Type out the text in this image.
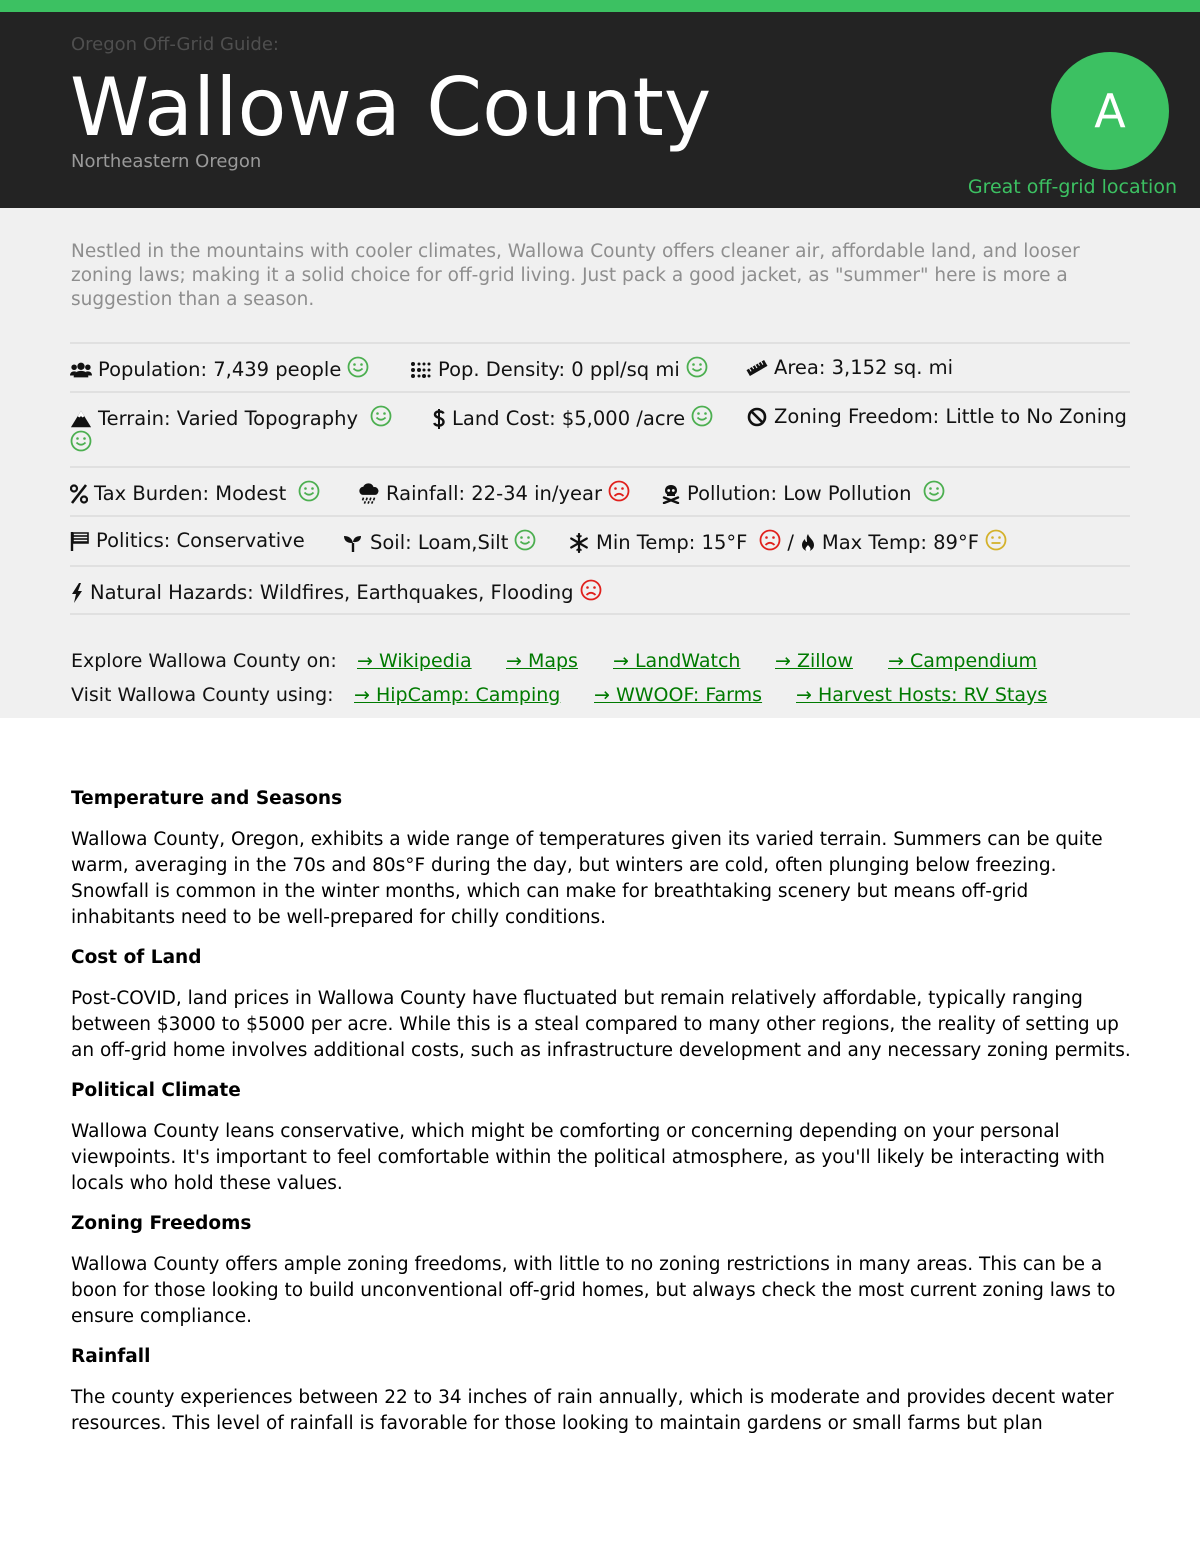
Oregon Off-Grid Guide:
Wallowa County
Northeastern Oregon
A
Great off-grid location

Nestled in the mountains with cooler climates, Wallowa County offers cleaner air, affordable land, and looser zoning laws; making it a solid choice for off-grid living. Just pack a good jacket, as "summer" here is more a suggestion than a season.

Population: 7,439 people	Pop. Density: 0 ppl/sq mi	Area: 3,152 sq. mi
Terrain: Varied Topography	Land Cost: $5,000 /acre	Zoning Freedom: Little to No Zoning
Tax Burden: Modest	Rainfall: 22-34 in/year	Pollution: Low Pollution
Politics: Conservative	Soil: Loam,Silt	Min Temp: 15°F / Max Temp: 89°F
Natural Hazards: Wildfires, Earthquakes, Flooding
Explore Wallowa County on: → Wikipedia → Maps → LandWatch → Zillow → Campendium
Visit Wallowa County using: → HipCamp: Camping → WWOOF: Farms → Harvest Hosts: RV Stays
Temperature and Seasons

Wallowa County, Oregon, exhibits a wide range of temperatures given its varied terrain. Summers can be quite warm, averaging in the 70s and 80s°F during the day, but winters are cold, often plunging below freezing. Snowfall is common in the winter months, which can make for breathtaking scenery but means off-grid inhabitants need to be well-prepared for chilly conditions.

Cost of Land

Post-COVID, land prices in Wallowa County have fluctuated but remain relatively affordable, typically ranging between $3000 to $5000 per acre. While this is a steal compared to many other regions, the reality of setting up an off-grid home involves additional costs, such as infrastructure development and any necessary zoning permits.

Political Climate

Wallowa County leans conservative, which might be comforting or concerning depending on your personal viewpoints. It's important to feel comfortable within the political atmosphere, as you'll likely be interacting with locals who hold these values.

Zoning Freedoms

Wallowa County offers ample zoning freedoms, with little to no zoning restrictions in many areas. This can be a boon for those looking to build unconventional off-grid homes, but always check the most current zoning laws to ensure compliance.

Rainfall

The county experiences between 22 to 34 inches of rain annually, which is moderate and provides decent water resources. This level of rainfall is favorable for those looking to maintain gardens or small farms but plan
